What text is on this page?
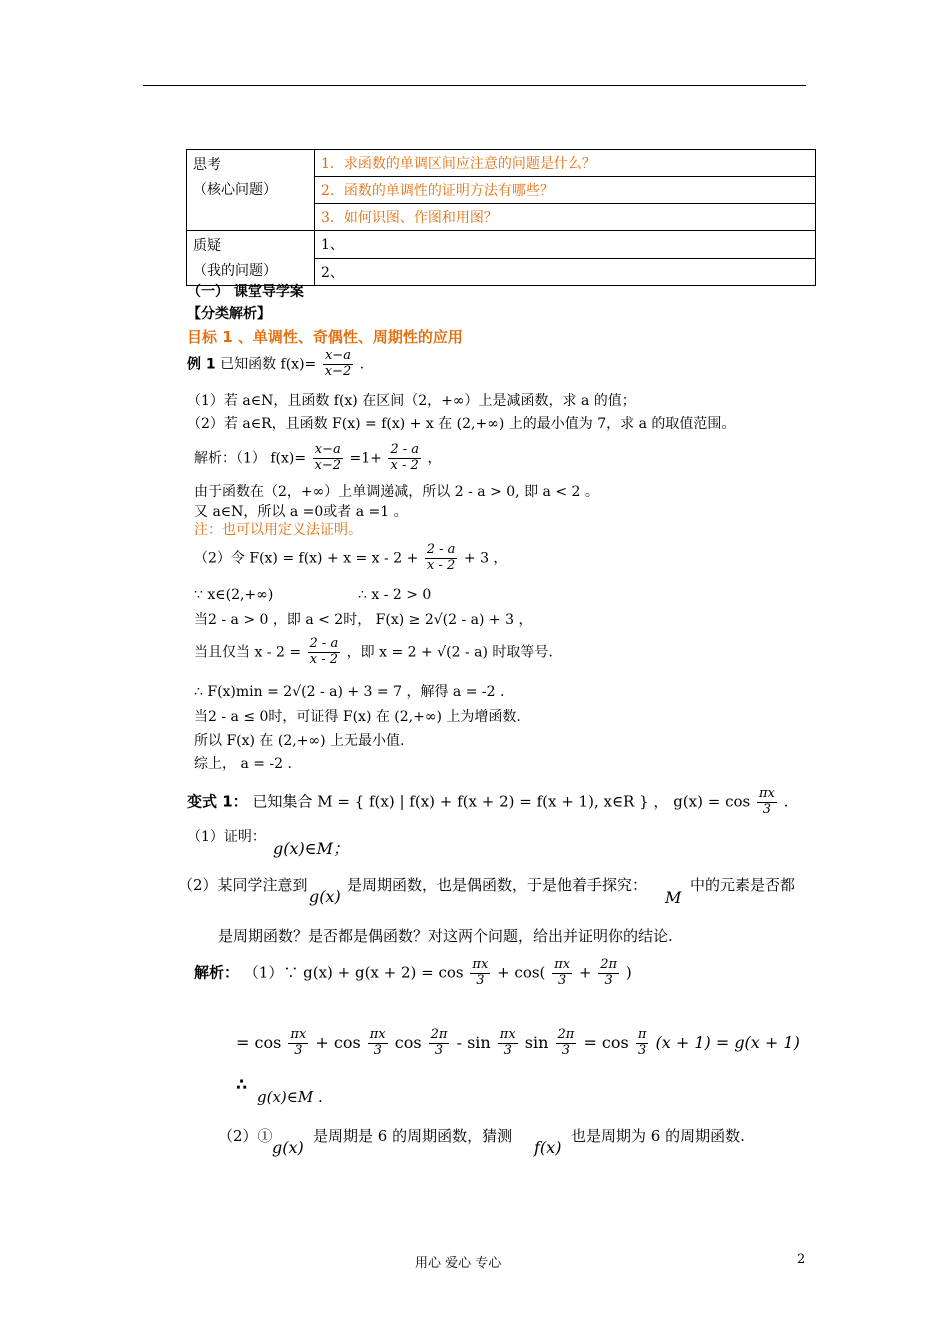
思考
（核心问题）	1．求函数的单调区间应注意的问题是什么？
	2．函数的单调性的证明方法有哪些？
	3．如何识图、作图和用图？

质疑
（我的问题）	1、
	2、
（一） 课堂导学案
【分类解析】
目标 1 、单调性、奇偶性、周期性的应用
例 1 已知函数 $f(x)= \frac{x-a}{x-2}$ .
（1）若 a∈N，且函数 f(x) 在区间（2，+∞）上是减函数，求 a 的值；
（2）若 a∈R，且函数 F(x) = f(x) + x 在 (2,+∞) 上的最小值为 7，求 a 的取值范围。
解析：（1） $f(x)= \frac{x-a}{x-2} =1+ \frac{2 - a}{x - 2}$ ，
由于函数在（2，+∞）上单调递减，所以 2 - a > 0, 即 a < 2 。
又 a∈N，所以 a =0或者 a =1 。
注：也可以用定义法证明。
（2）令 $F(x) = f(x) + x = x - 2 + \frac{2 - a}{x - 2} + 3$ ，
∵ x∈(2,+∞)	∴ x - 2 > 0
当2 - a > 0 ，即 a < 2时， F(x) ≥ 2√(2 - a) + 3 ，
当且仅当 $x - 2 = \frac{2 - a}{x - 2}$ ，即 x = 2 + √(2 - a) 时取等号.
∴ F(x)min = 2√(2 - a) + 3 = 7 ，解得 a = -2 .
当2 - a ≤ 0时，可证得 F(x) 在 (2,+∞) 上为增函数.
所以 F(x) 在 (2,+∞) 上无最小值.
综上， a = -2 .
变式 1： 已知集合 M = { f(x) | f(x) + f(x + 2) = f(x + 1), x∈R } ， $g(x) = \cos \frac{\pi x}{3}$ .
（1）证明：
g(x)∈M；
（2）某同学注意到
g(x)
是周期函数，也是偶函数，于是他着手探究：
M
中的元素是否都
是周期函数？是否都是偶函数？对这两个问题，给出并证明你的结论.
解析： （1）∵ $g(x) + g(x + 2) = \cos \frac{\pi x}{3} + \cos( \frac{\pi x}{3} + \frac{2\pi}{3}$ )
= $\cos \frac{\pi x}{3} + \cos \frac{\pi x}{3}$ $\cos \frac{2\pi}{3}$ - $\sin \frac{\pi x}{3}$ $\sin \frac{2\pi}{3} = \cos \frac{\pi}{3} (x + 1) = g(x + 1)$
∴
g(x)∈M .
（2）①
g(x)
是周期是 6 的周期函数，猜测
f(x)
也是周期为 6 的周期函数.
用心 爱心 专心	2
